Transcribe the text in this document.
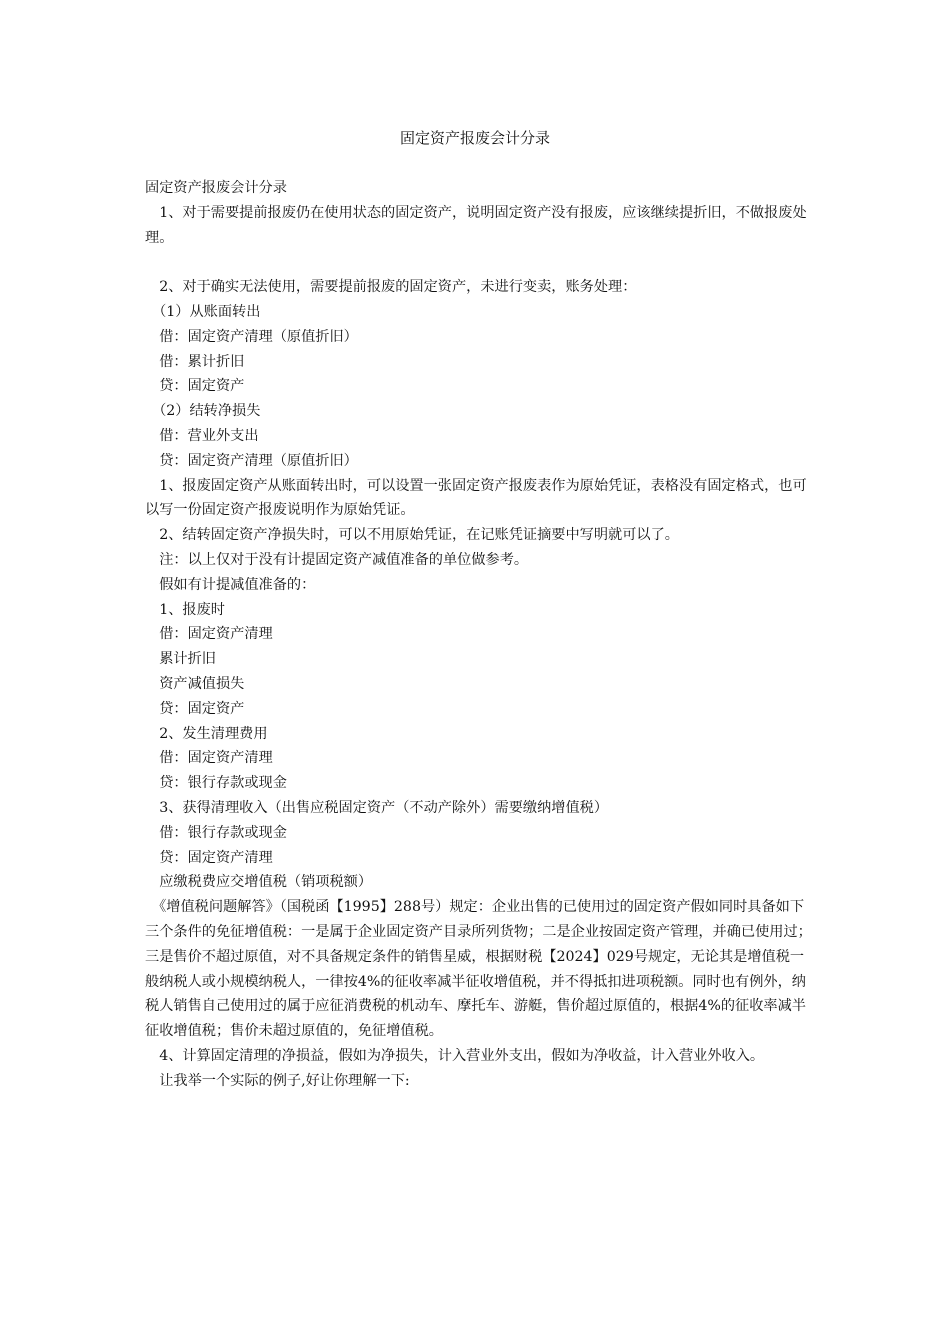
固定资产报废会计分录

固定资产报废会计分录

　1、对于需要提前报废仍在使用状态的固定资产，说明固定资产没有报废，应该继续提折旧，不做报废处理。

　2、对于确实无法使用，需要提前报废的固定资产，未进行变卖，账务处理：

　（1）从账面转出

　借：固定资产清理（原值折旧）

　借：累计折旧

　贷：固定资产

　（2）结转净损失

　借：营业外支出

　贷：固定资产清理（原值折旧）

　1、报废固定资产从账面转出时，可以设置一张固定资产报废表作为原始凭证，表格没有固定格式，也可以写一份固定资产报废说明作为原始凭证。

　2、结转固定资产净损失时，可以不用原始凭证，在记账凭证摘要中写明就可以了。

　注：以上仅对于没有计提固定资产减值准备的单位做参考。

　假如有计提减值准备的：

　1、报废时

　借：固定资产清理

　累计折旧

　资产减值损失

　贷：固定资产

　2、发生清理费用

　借：固定资产清理

　贷：银行存款或现金

　3、获得清理收入（出售应税固定资产（不动产除外）需要缴纳增值税）

　借：银行存款或现金

　贷：固定资产清理

　应缴税费应交增值税（销项税额）

　《增值税问题解答》（国税函【1995】288号）规定：企业出售的已使用过的固定资产假如同时具备如下三个条件的免征增值税：一是属于企业固定资产目录所列货物；二是企业按固定资产管理，并确已使用过；三是售价不超过原值，对不具备规定条件的销售星威，根据财税【2024】029号规定，无论其是增值税一般纳税人或小规模纳税人，一律按4%的征收率减半征收增值税，并不得抵扣进项税额。同时也有例外，纳税人销售自己使用过的属于应征消费税的机动车、摩托车、游艇，售价超过原值的，根据4%的征收率减半征收增值税；售价未超过原值的，免征增值税。

　4、计算固定清理的净损益，假如为净损失，计入营业外支出，假如为净收益，计入营业外收入。

　让我举一个实际的例子,好让你理解一下:
